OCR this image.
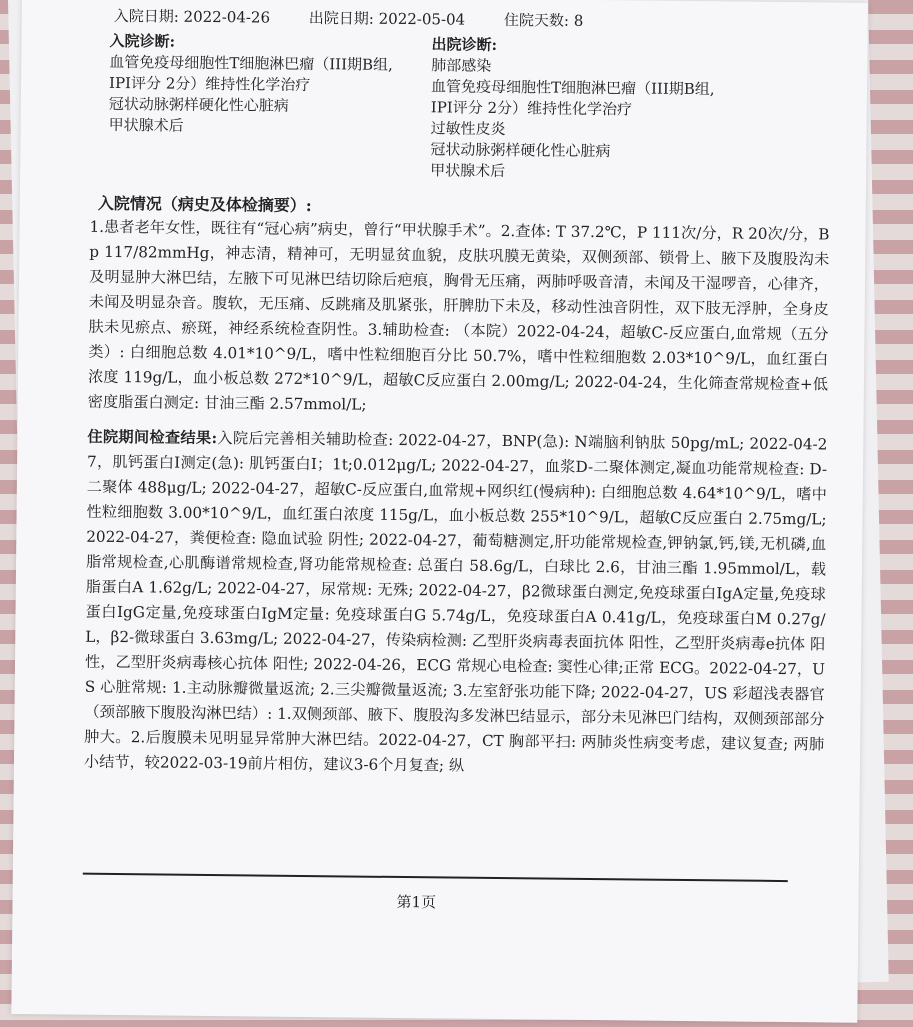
入院日期: 2022-04-26	出院日期: 2022-05-04	住院天数: 8
入院诊断:
血管免疫母细胞性T细胞淋巴瘤（III期B组,
IPI评分 2分）维持性化学治疗
冠状动脉粥样硬化性心脏病
甲状腺术后
出院诊断:
肺部感染
血管免疫母细胞性T细胞淋巴瘤（III期B组,
IPI评分 2分）维持性化学治疗
过敏性皮炎
冠状动脉粥样硬化性心脏病
甲状腺术后
入院情况（病史及体检摘要）:
1.患者老年女性，既往有“冠心病”病史，曾行“甲状腺手术”。2.查体: T 37.2℃，P 111次/分，R 20次/分，Bp 117/82mmHg，神志清，精神可，无明显贫血貌，皮肤巩膜无黄染，双侧颈部、锁骨上、腋下及腹股沟未及明显肿大淋巴结，左腋下可见淋巴结切除后疤痕，胸骨无压痛，两肺呼吸音清，未闻及干湿啰音，心律齐，未闻及明显杂音。腹软，无压痛、反跳痛及肌紧张，肝脾肋下未及，移动性浊音阴性，双下肢无浮肿，全身皮肤未见瘀点、瘀斑，神经系统检查阴性。3.辅助检查: （本院）2022-04-24，超敏C-反应蛋白,血常规（五分类）: 白细胞总数 4.01*10^9/L，嗜中性粒细胞百分比 50.7%，嗜中性粒细胞数 2.03*10^9/L，血红蛋白浓度 119g/L，血小板总数 272*10^9/L，超敏C反应蛋白 2.00mg/L; 2022-04-24，生化筛查常规检查+低密度脂蛋白测定: 甘油三酯 2.57mmol/L;
住院期间检查结果:入院后完善相关辅助检查: 2022-04-27，BNP(急): N端脑利钠肽 50pg/mL; 2022-04-27，肌钙蛋白I测定(急): 肌钙蛋白I；1t;0.012μg/L; 2022-04-27，血浆D-二聚体测定,凝血功能常规检查: D-二聚体 488μg/L; 2022-04-27，超敏C-反应蛋白,血常规+网织红(慢病种): 白细胞总数 4.64*10^9/L，嗜中性粒细胞数 3.00*10^9/L，血红蛋白浓度 115g/L，血小板总数 255*10^9/L，超敏C反应蛋白 2.75mg/L; 2022-04-27，粪便检查: 隐血试验 阴性; 2022-04-27，葡萄糖测定,肝功能常规检查,钾钠氯,钙,镁,无机磷,血脂常规检查,心肌酶谱常规检查,肾功能常规检查: 总蛋白 58.6g/L，白球比 2.6，甘油三酯 1.95mmol/L，载脂蛋白A 1.62g/L; 2022-04-27，尿常规: 无殊; 2022-04-27，β2微球蛋白测定,免疫球蛋白IgA定量,免疫球蛋白IgG定量,免疫球蛋白IgM定量: 免疫球蛋白G 5.74g/L，免疫球蛋白A 0.41g/L，免疫球蛋白M 0.27g/L，β2-微球蛋白 3.63mg/L; 2022-04-27，传染病检测: 乙型肝炎病毒表面抗体 阳性，乙型肝炎病毒e抗体 阳性，乙型肝炎病毒核心抗体 阳性; 2022-04-26，ECG 常规心电检查: 窦性心律;正常 ECG。2022-04-27，US 心脏常规: 1.主动脉瓣微量返流; 2.三尖瓣微量返流; 3.左室舒张功能下降; 2022-04-27，US 彩超浅表器官（颈部腋下腹股沟淋巴结）: 1.双侧颈部、腋下、腹股沟多发淋巴结显示，部分未见淋巴门结构，双侧颈部部分肿大。2.后腹膜未见明显异常肿大淋巴结。2022-04-27，CT 胸部平扫: 两肺炎性病变考虑，建议复查; 两肺小结节，较2022-03-19前片相仿，建议3-6个月复查; 纵
第1页
